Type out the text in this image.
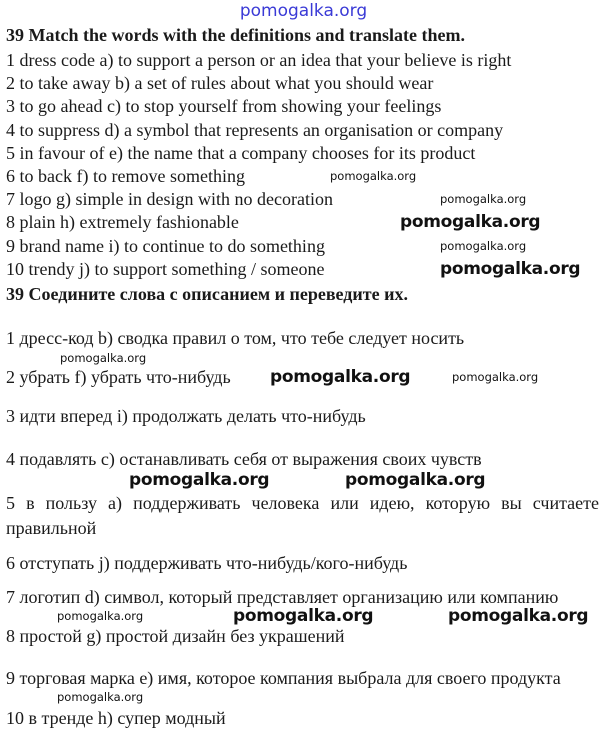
pomogalka.org
39 Match the words with the definitions and translate them.
1 dress code a) to support a person or an idea that your believe is right
2 to take away b) a set of rules about what you should wear
3 to go ahead c) to stop yourself from showing your feelings
4 to suppress d) a symbol that represents an organisation or company
5 in favour of e) the name that a company chooses for its product
6 to back f) to remove something
7 logo g) simple in design with no decoration
8 plain h) extremely fashionable
9 brand name i) to continue to do something
10 trendy j) to support something / someone
39 Соедините слова с описанием и переведите их.
1 дресс-код b) сводка правил о том, что тебе следует носить
2 убрать f) убрать что-нибудь
3 идти вперед i) продолжать делать что-нибудь
4 подавлять c) останавливать себя от выражения своих чувств
5 в пользу a) поддерживать человека или идею, которую вы считаете правильной
6 отступать j) поддерживать что-нибудь/кого-нибудь
7 логотип d) символ, который представляет организацию или компанию
8 простой g) простой дизайн без украшений
9 торговая марка e) имя, которое компания выбрала для своего продукта
10 в тренде h) супер модный
pomogalka.org
pomogalka.org
pomogalka.org
pomogalka.org
pomogalka.org
pomogalka.org
pomogalka.org	pomogalka.org
pomogalka.org	pomogalka.org
pomogalka.org	pomogalka.org	pomogalka.org
pomogalka.org
